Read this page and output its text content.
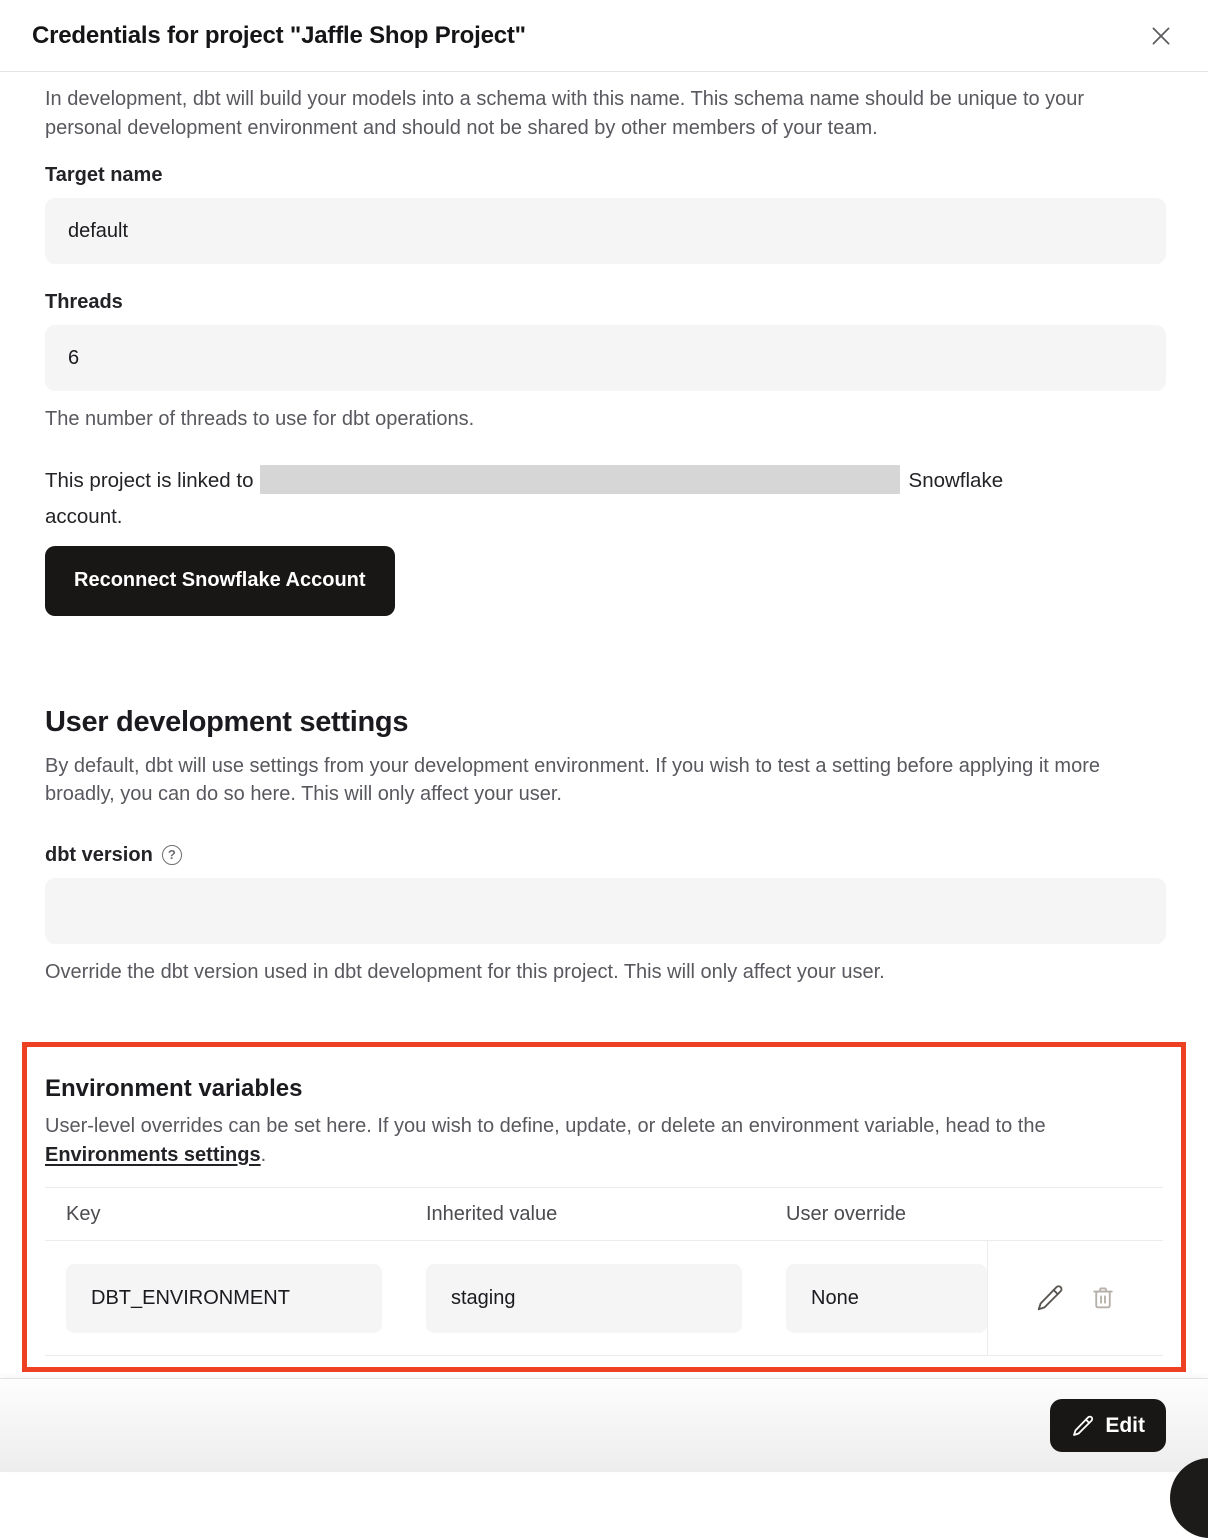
Credentials for project "Jaffle Shop Project"

In development, dbt will build your models into a schema with this name. This schema name should be unique to your personal development environment and should not be shared by other members of your team.

Target name
default
Threads
6

The number of threads to use for dbt operations.

This project is linked to	Snowflake
account.

Reconnect Snowflake Account
User development settings

By default, dbt will use settings from your development environment. If you wish to test a setting before applying it more broadly, you can do so here. This will only affect your user.

dbt version	?

Override the dbt version used in dbt development for this project. This will only affect your user.

Environment variables

User-level overrides can be set here. If you wish to define, update, or delete an environment variable, head to the Environments settings.

Key	Inherited value	User override
DBT_ENVIRONMENT	staging	None
Edit
